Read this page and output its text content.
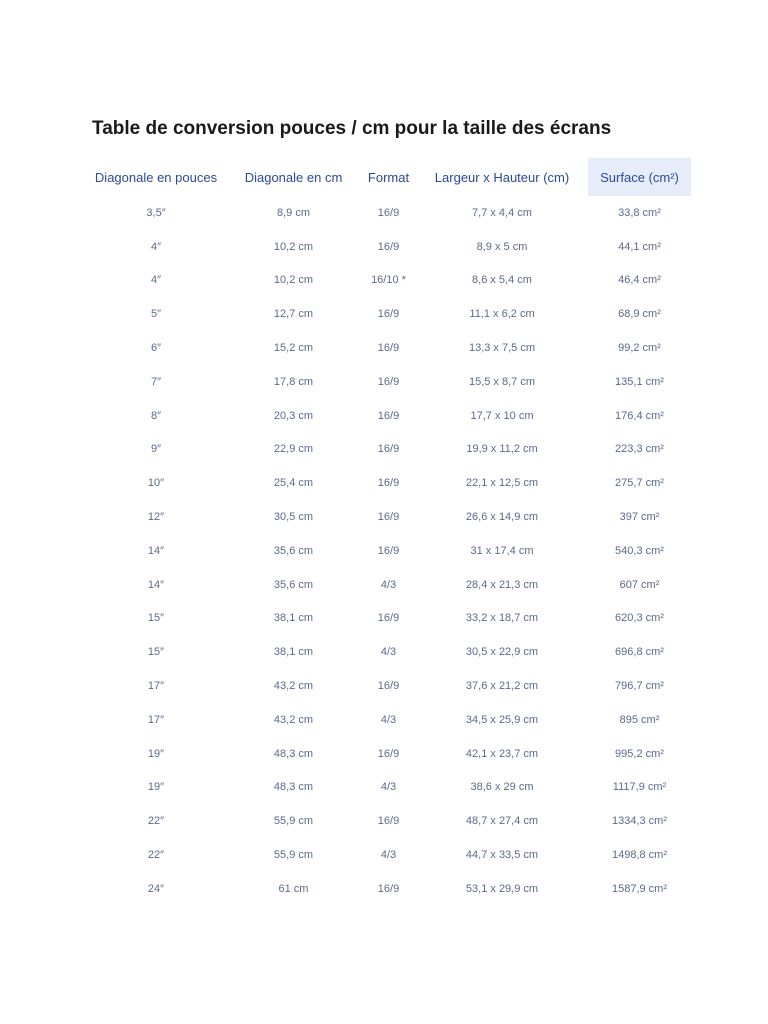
Table de conversion pouces / cm pour la taille des écrans
Diagonale en pouces	Diagonale en cm	Format	Largeur x Hauteur (cm)	Surface (cm²)
3,5″	8,9 cm	16/9	7,7 x 4,4 cm	33,8 cm²
4″	10,2 cm	16/9	8,9 x 5 cm	44,1 cm²
4″	10,2 cm	16/10 *	8,6 x 5,4 cm	46,4 cm²
5″	12,7 cm	16/9	11,1 x 6,2 cm	68,9 cm²
6″	15,2 cm	16/9	13,3 x 7,5 cm	99,2 cm²
7″	17,8 cm	16/9	15,5 x 8,7 cm	135,1 cm²
8″	20,3 cm	16/9	17,7 x 10 cm	176,4 cm²
9″	22,9 cm	16/9	19,9 x 11,2 cm	223,3 cm²
10″	25,4 cm	16/9	22,1 x 12,5 cm	275,7 cm²
12″	30,5 cm	16/9	26,6 x 14,9 cm	397 cm²
14″	35,6 cm	16/9	31 x 17,4 cm	540,3 cm²
14″	35,6 cm	4/3	28,4 x 21,3 cm	607 cm²
15″	38,1 cm	16/9	33,2 x 18,7 cm	620,3 cm²
15″	38,1 cm	4/3	30,5 x 22,9 cm	696,8 cm²
17″	43,2 cm	16/9	37,6 x 21,2 cm	796,7 cm²
17″	43,2 cm	4/3	34,5 x 25,9 cm	895 cm²
19″	48,3 cm	16/9	42,1 x 23,7 cm	995,2 cm²
19″	48,3 cm	4/3	38,6 x 29 cm	1117,9 cm²
22″	55,9 cm	16/9	48,7 x 27,4 cm	1334,3 cm²
22″	55,9 cm	4/3	44,7 x 33,5 cm	1498,8 cm²
24″	61 cm	16/9	53,1 x 29,9 cm	1587,9 cm²
